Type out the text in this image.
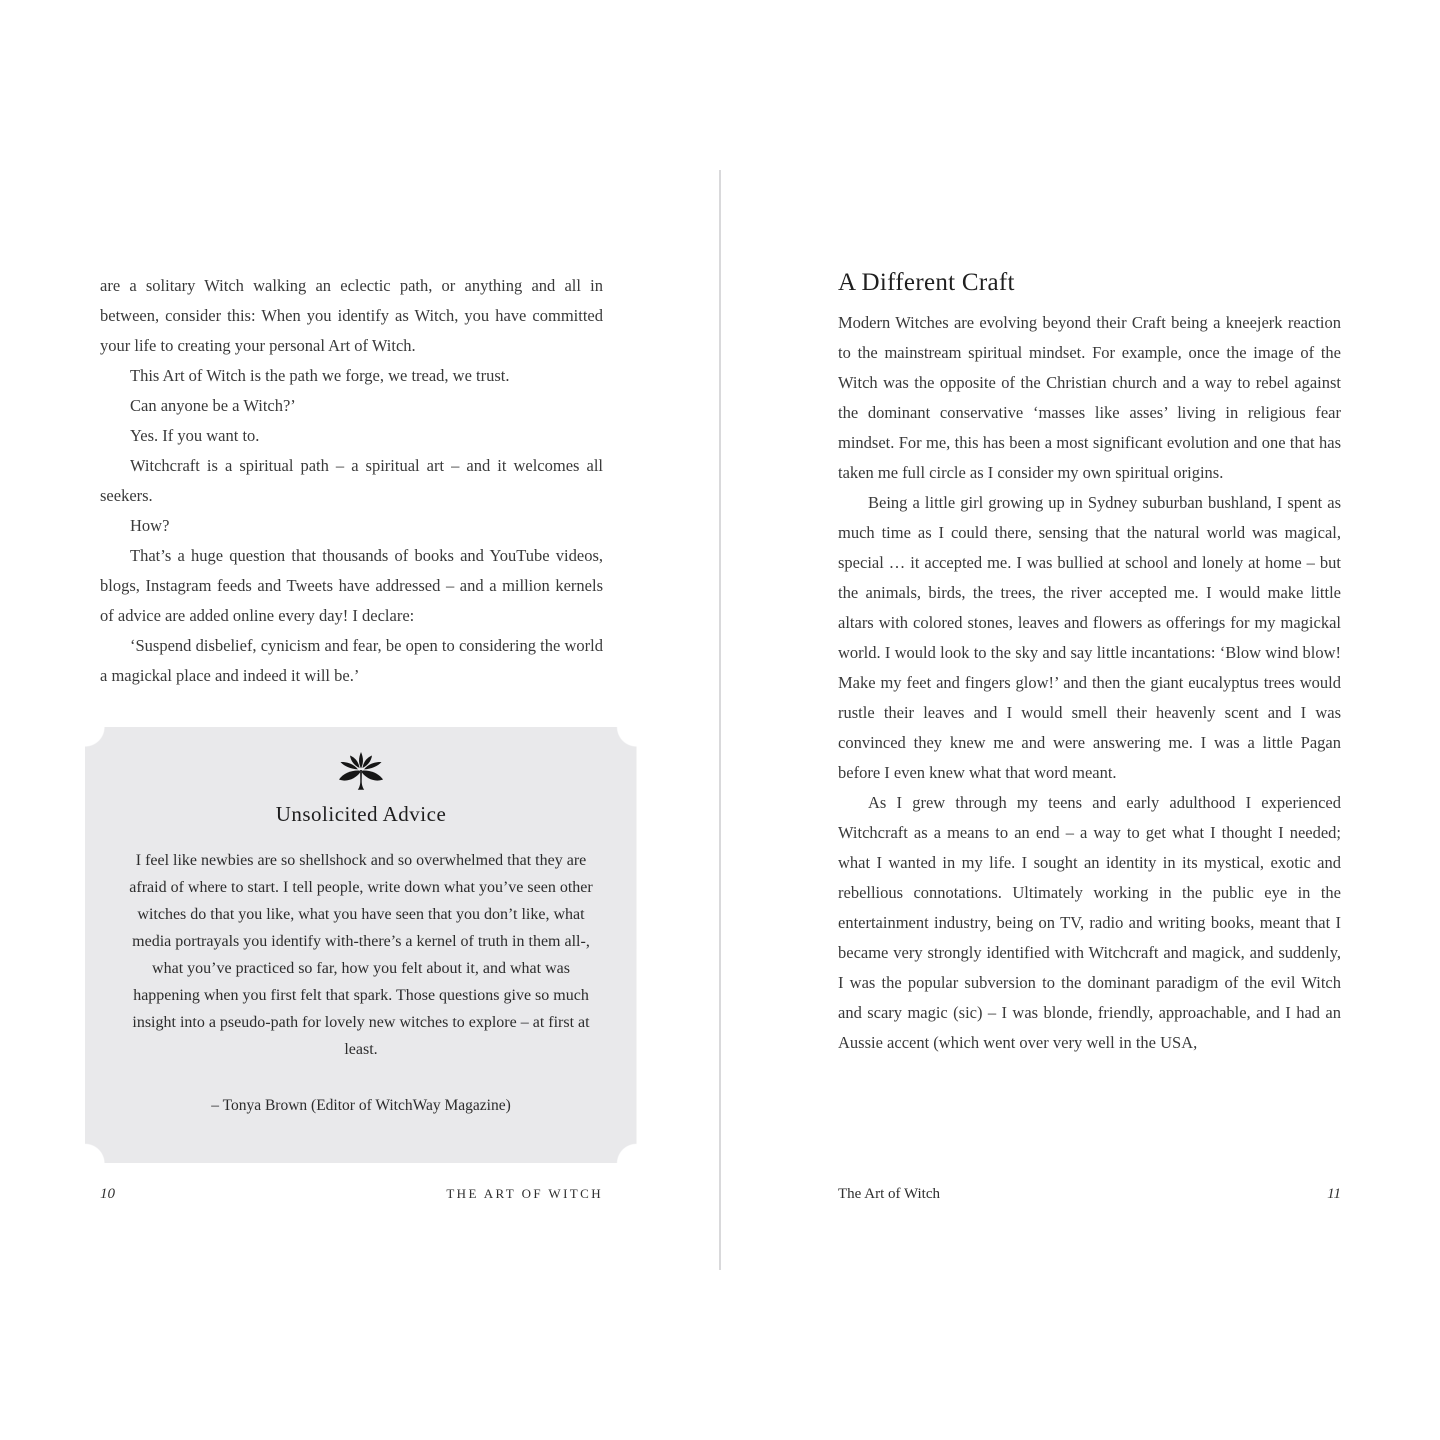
are a solitary Witch walking an eclectic path, or anything and all in between, consider this: When you identify as Witch, you have committed your life to creating your personal Art of Witch.

This Art of Witch is the path we forge, we tread, we trust.

Can anyone be a Witch?’

Yes. If you want to.

Witchcraft is a spiritual path – a spiritual art – and it welcomes all seekers.

How?

That’s a huge question that thousands of books and YouTube videos, blogs, Instagram feeds and Tweets have addressed – and a million kernels of advice are added online every day! I declare:

‘Suspend disbelief, cynicism and fear, be open to considering the world a magickal place and indeed it will be.’

Unsolicited Advice

I feel like newbies are so shellshock and so overwhelmed that they are afraid of where to start. I tell people, write down what you’ve seen other witches do that you like, what you have seen that you don’t like, what media portrayals you identify with-there’s a kernel of truth in them all-, what you’ve practiced so far, how you felt about it, and what was happening when you first felt that spark. Those questions give so much insight into a pseudo-path for lovely new witches to explore – at first at least.

– Tonya Brown (Editor of WitchWay Magazine)

A Different Craft

Modern Witches are evolving beyond their Craft being a kneejerk reaction to the mainstream spiritual mindset. For example, once the image of the Witch was the opposite of the Christian church and a way to rebel against the dominant conservative ‘masses like asses’ living in religious fear mindset. For me, this has been a most significant evolution and one that has taken me full circle as I consider my own spiritual origins.

Being a little girl growing up in Sydney suburban bushland, I spent as much time as I could there, sensing that the natural world was magical, special … it accepted me. I was bullied at school and lonely at home – but the animals, birds, the trees, the river accepted me. I would make little altars with colored stones, leaves and flowers as offerings for my magickal world. I would look to the sky and say little incantations: ‘Blow wind blow! Make my feet and fingers glow!’ and then the giant eucalyptus trees would rustle their leaves and I would smell their heavenly scent and I was convinced they knew me and were answering me. I was a little Pagan before I even knew what that word meant.

As I grew through my teens and early adulthood I experienced Witchcraft as a means to an end – a way to get what I thought I needed; what I wanted in my life. I sought an identity in its mystical, exotic and rebellious connotations. Ultimately working in the public eye in the entertainment industry, being on TV, radio and writing books, meant that I became very strongly identified with Witchcraft and magick, and suddenly, I was the popular subversion to the dominant paradigm of the evil Witch and scary magic (sic) – I was blonde, friendly, approachable, and I had an Aussie accent (which went over very well in the USA,

10	THE ART OF WITCH	The Art of Witch	11
